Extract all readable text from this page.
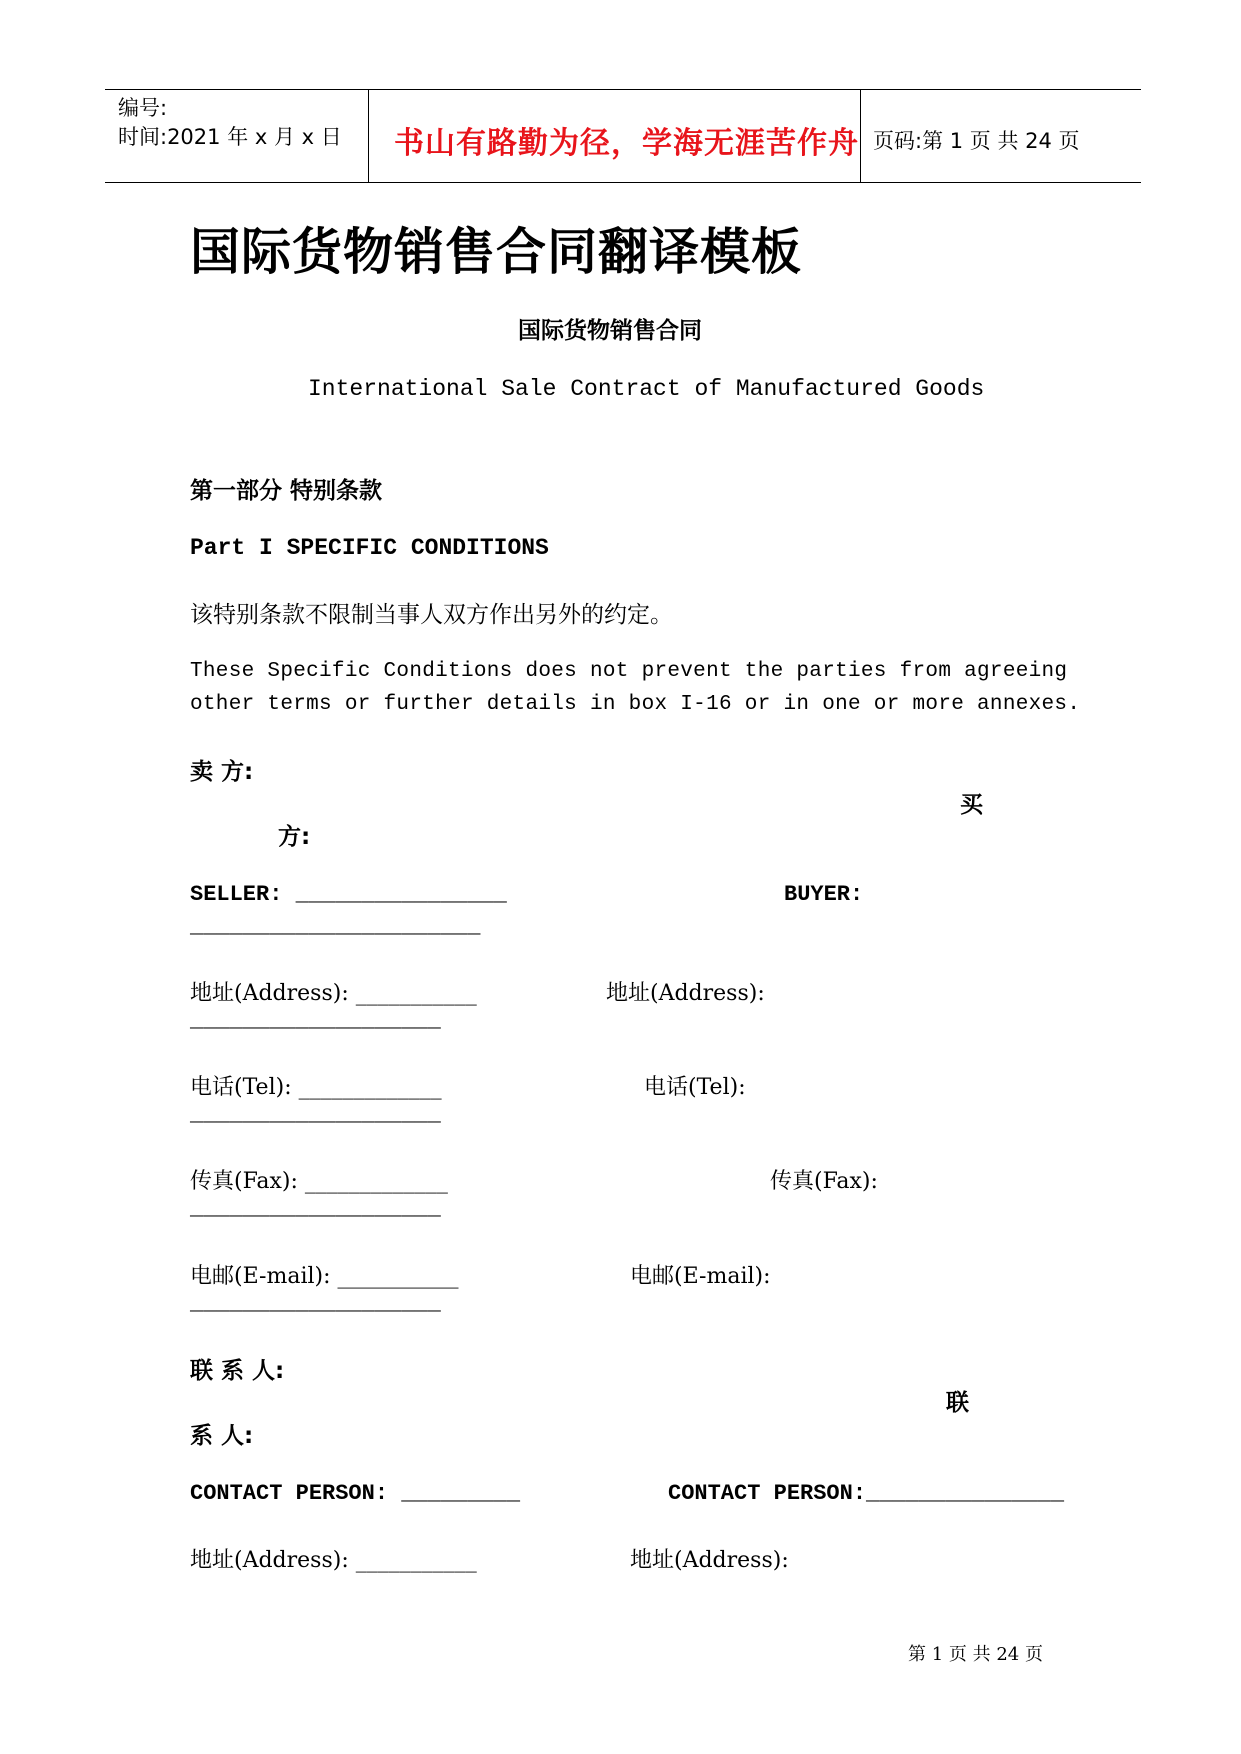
编号:
时间:2021 年 x 月 x 日 书山有路勤为径，学海无涯苦作舟 页码:第 1 页 共 24 页
国际货物销售合同翻译模板
国际货物销售合同
International Sale Contract of Manufactured Goods
第一部分 特别条款
Part I SPECIFIC CONDITIONS
该特别条款不限制当事人双方作出另外的约定。
These Specific Conditions does not prevent the parties from agreeing
other terms or further details in box I-16 or in one or more annexes.
卖 方:
买
方:
SELLER: ________________	BUYER:
______________________
地址(Address): ___________	地址(Address):
___________________
电话(Tel): _____________	电话(Tel):
___________________
传真(Fax): _____________	传真(Fax):
___________________
电邮(E-mail): ___________	电邮(E-mail):
___________________
联 系 人:
联
系 人:
CONTACT PERSON: _________	CONTACT PERSON:_______________
地址(Address): ___________	地址(Address):
第 1 页 共 24 页
